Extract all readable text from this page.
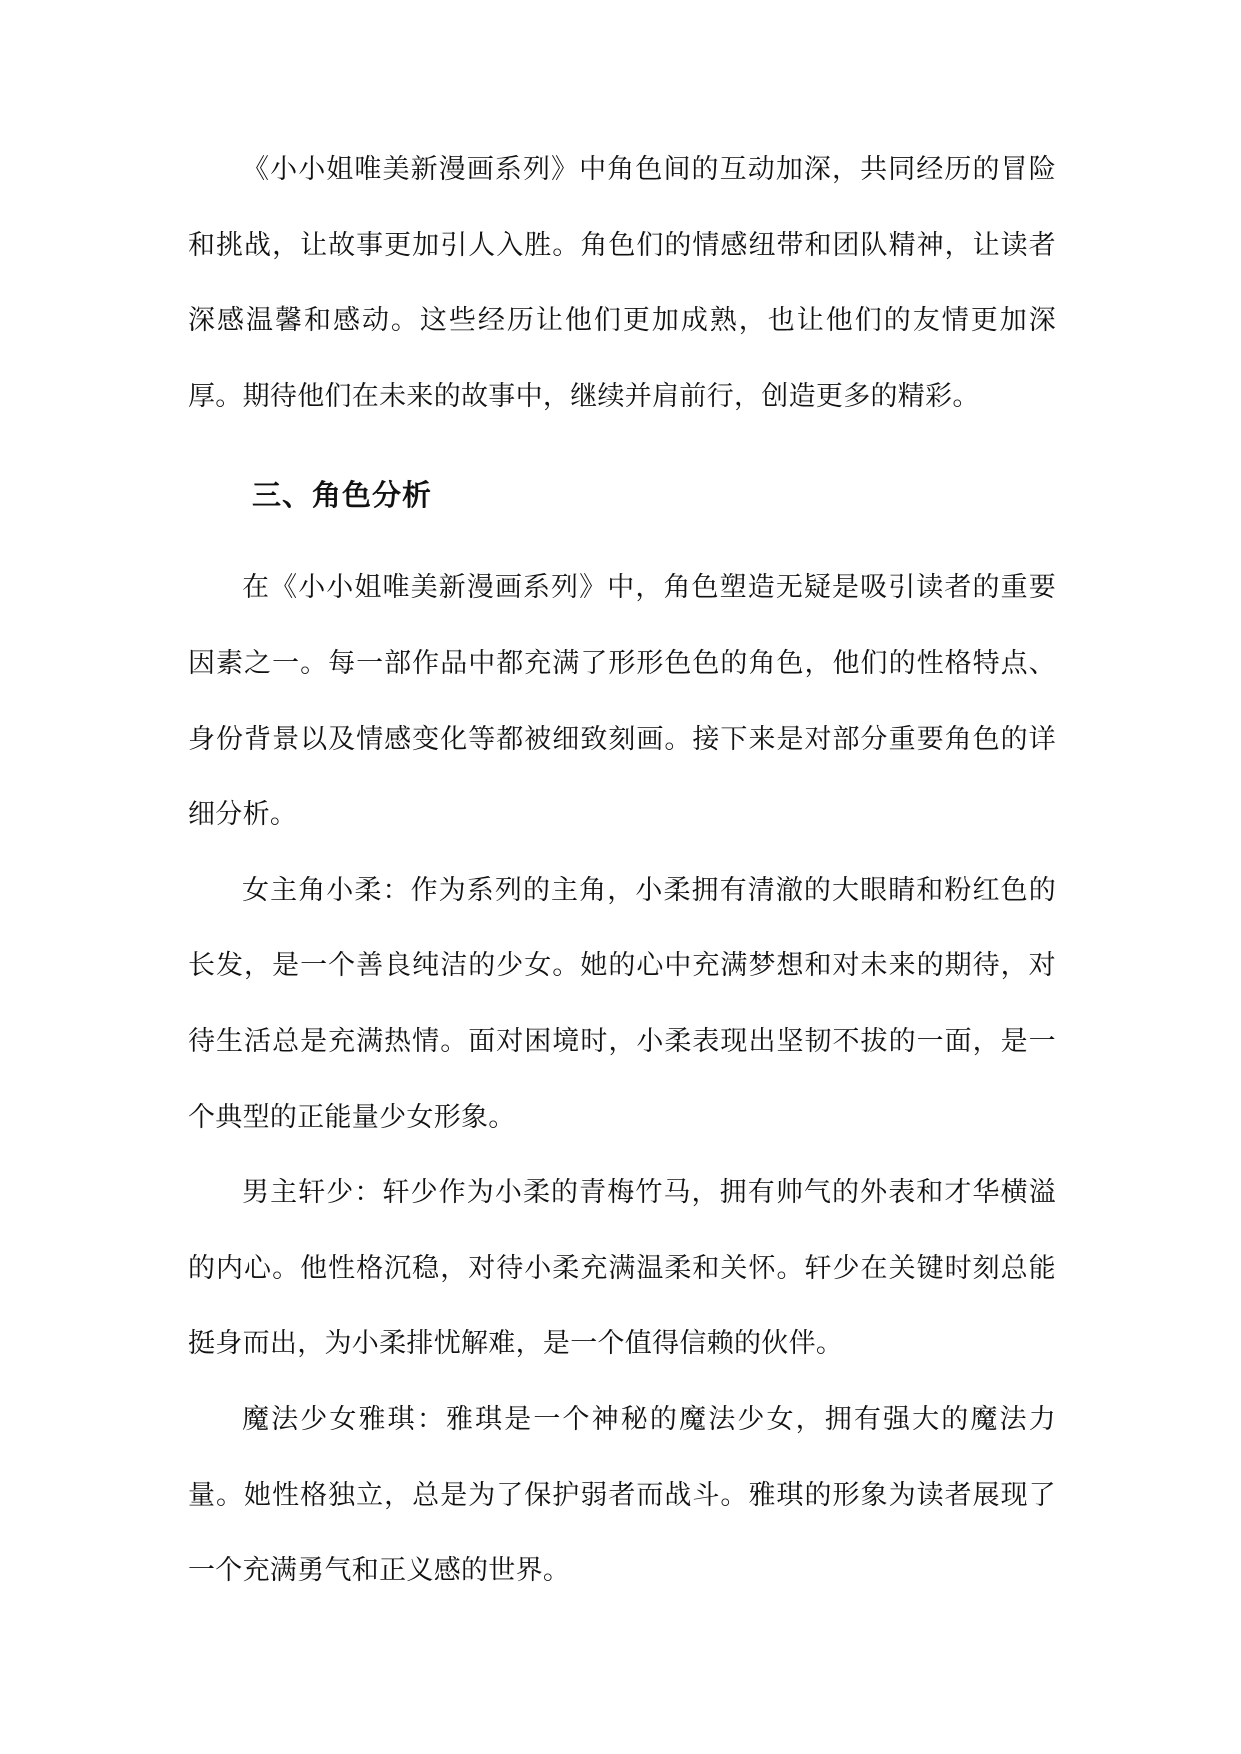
《小小姐唯美新漫画系列》中角色间的互动加深，共同经历的冒险和挑战，让故事更加引人入胜。角色们的情感纽带和团队精神，让读者深感温馨和感动。这些经历让他们更加成熟，也让他们的友情更加深厚。期待他们在未来的故事中，继续并肩前行，创造更多的精彩。

三、角色分析

在《小小姐唯美新漫画系列》中，角色塑造无疑是吸引读者的重要因素之一。每一部作品中都充满了形形色色的角色，他们的性格特点、身份背景以及情感变化等都被细致刻画。接下来是对部分重要角色的详细分析。

女主角小柔：作为系列的主角，小柔拥有清澈的大眼睛和粉红色的长发，是一个善良纯洁的少女。她的心中充满梦想和对未来的期待，对待生活总是充满热情。面对困境时，小柔表现出坚韧不拔的一面，是一个典型的正能量少女形象。

男主轩少：轩少作为小柔的青梅竹马，拥有帅气的外表和才华横溢的内心。他性格沉稳，对待小柔充满温柔和关怀。轩少在关键时刻总能挺身而出，为小柔排忧解难，是一个值得信赖的伙伴。

魔法少女雅琪：雅琪是一个神秘的魔法少女，拥有强大的魔法力量。她性格独立，总是为了保护弱者而战斗。雅琪的形象为读者展现了一个充满勇气和正义感的世界。
